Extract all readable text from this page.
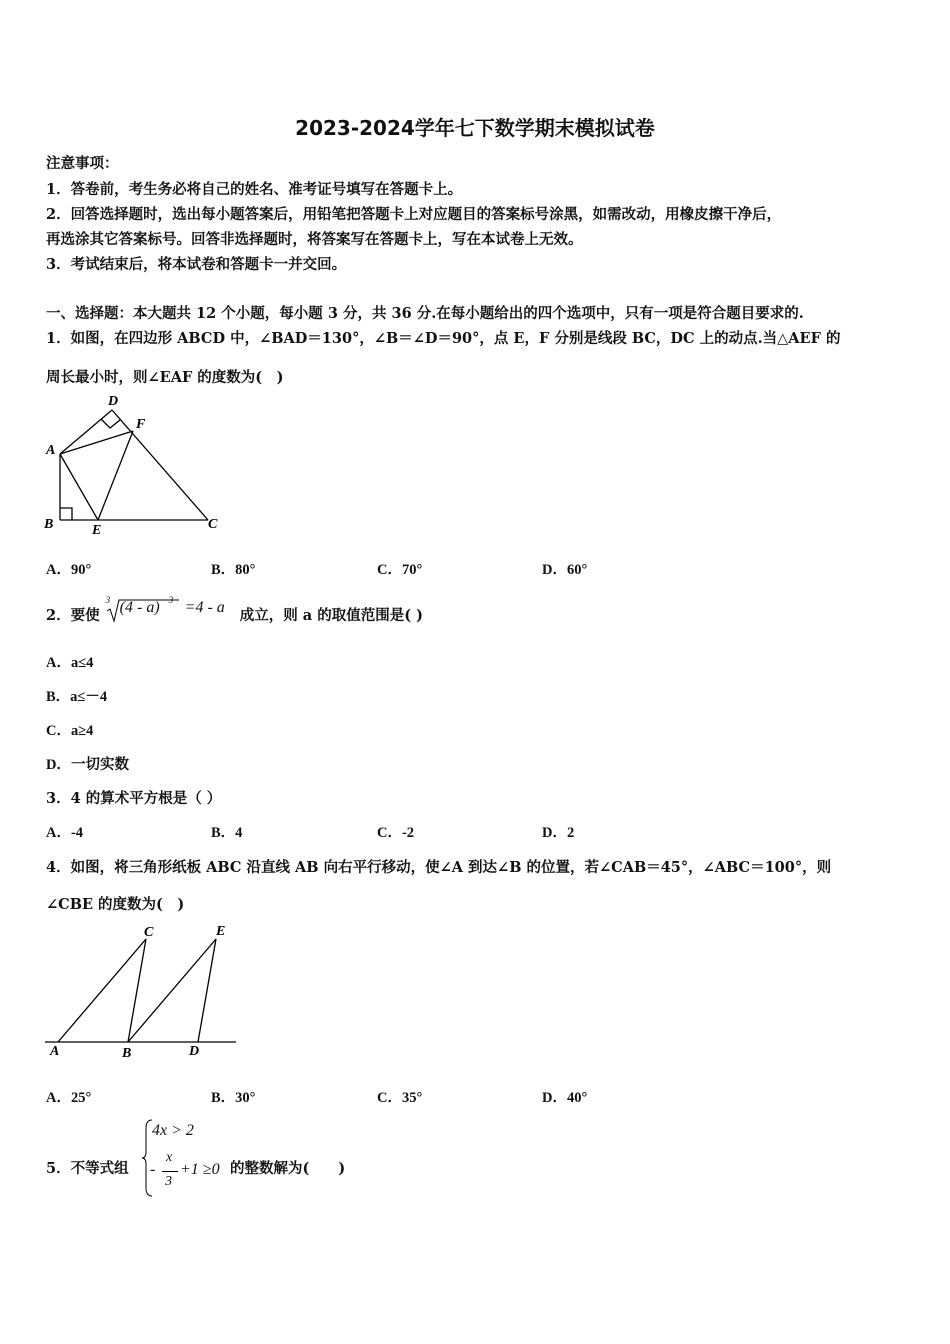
2023-2024学年七下数学期末模拟试卷
注意事项：
1．答卷前，考生务必将自己的姓名、准考证号填写在答题卡上。
2．回答选择题时，选出每小题答案后，用铅笔把答题卡上对应题目的答案标号涂黑，如需改动，用橡皮擦干净后，
再选涂其它答案标号。回答非选择题时，将答案写在答题卡上，写在本试卷上无效。
3．考试结束后，将本试卷和答题卡一并交回。
一、选择题：本大题共 12 个小题，每小题 3 分，共 36 分.在每小题给出的四个选项中，只有一项是符合题目要求的.
1．如图，在四边形 ABCD 中，∠BAD＝130°，∠B＝∠D＝90°，点 E，F 分别是线段 BC，DC 上的动点.当△AEF 的
周长最小时，则∠EAF 的度数为(　)
D
F
A
B	E	C
A．90°	B．80°	C．70°	D．60°
2．要使
3 (4 - a) 3 =4 - a 成立，则 a 的取值范围是( )
A．a≤4
B．a≤－4
C．a≥4
D．一切实数
3．4 的算术平方根是（ ）
A．-4	B．4	C．-2	D．2
4．如图，将三角形纸板 ABC 沿直线 AB 向右平行移动，使∠A 到达∠B 的位置，若∠CAB＝45°，∠ABC＝100°，则
∠CBE 的度数为(　)
C	E
A	B	D
A．25°	B．30°	C．35°	D．40°
5．不等式组
4x > 2
-
x
3
+1 ≥0 的整数解为(　　)
